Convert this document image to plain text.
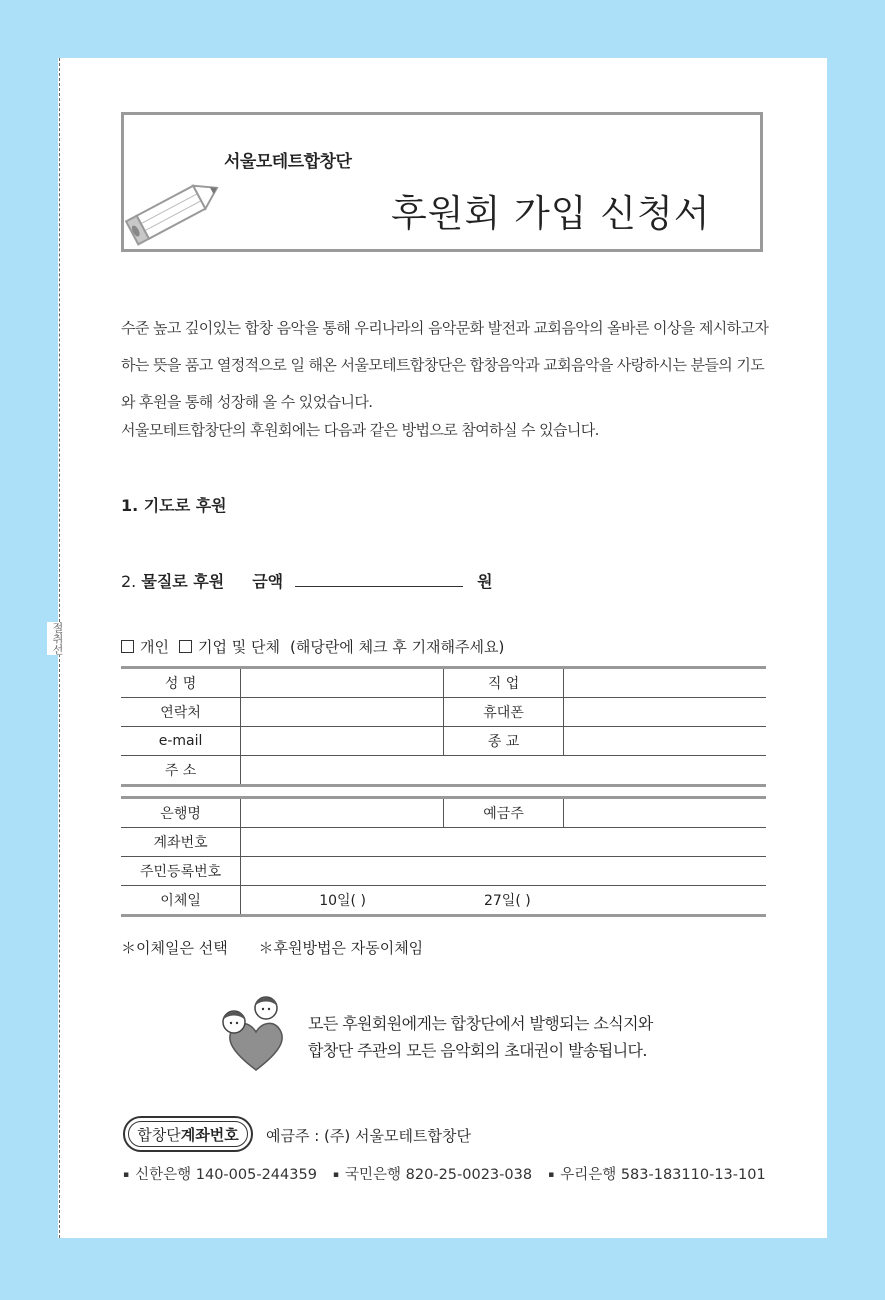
절취선
서울모테트합창단
후원회 가입 신청서

수준 높고 깊이있는 합창 음악을 통해 우리나라의 음악문화 발전과 교회음악의 올바른 이상을 제시하고자 하는 뜻을 품고 열정적으로 일 해온 서울모테트합창단은 합창음악과 교회음악을 사랑하시는 분들의 기도와 후원을 통해 성장해 올 수 있었습니다.

서울모테트합창단의 후원회에는 다음과 같은 방법으로 참여하실 수 있습니다.

1. 기도로 후원
2.
물질로 후원 금액	원
개인 기업 및 단체 (해당란에 체크 후 기재해주세요)
성 명		직 업	
연락처		휴대폰	
e-mail		종 교	
주 소			
은행명		예금주	
계좌번호			
주민등록번호			
이체일	10일( )	27일( )	
＊이체일은 선택 ＊후원방법은 자동이체임

모든 후원회원에게는 합창단에서 발행되는 소식지와

합창단 주관의 모든 음악회의 초대권이 발송됩니다.

합창단 계좌번호 예금주 : (주) 서울모테트합창단
▪ 신한은행 140-005-244359	▪ 국민은행 820-25-0023-038	▪ 우리은행 583-183110-13-101
